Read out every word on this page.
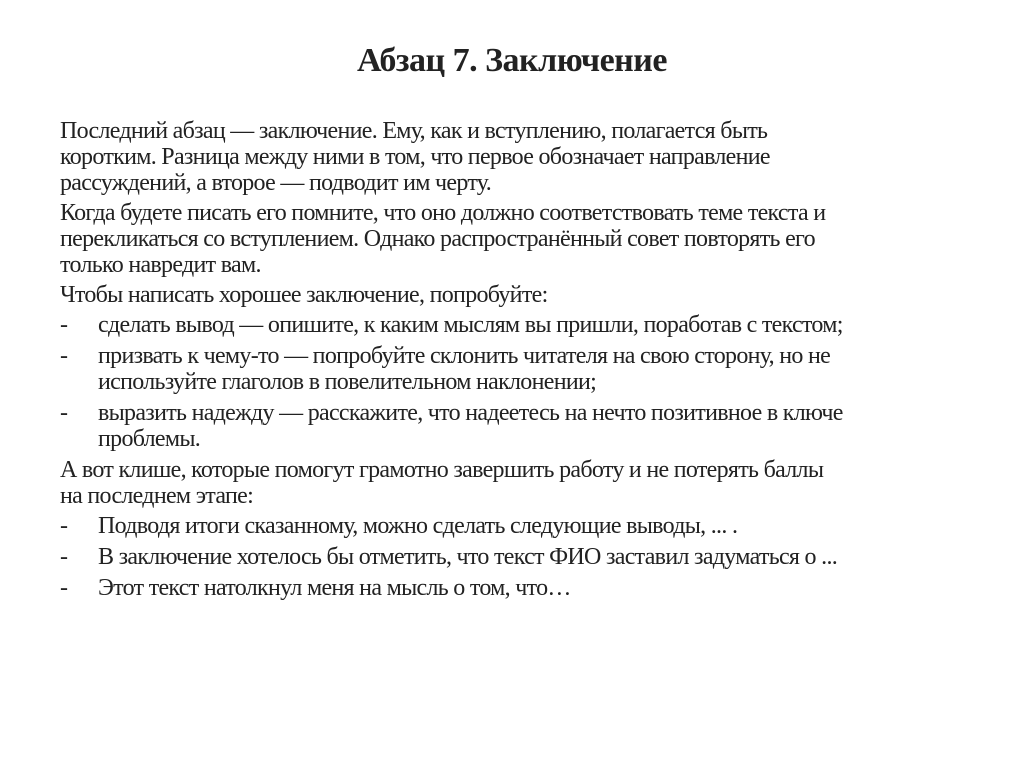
Абзац 7. Заключение
Последний абзац — заключение. Ему, как и вступлению, полагается быть
коротким. Разница между ними в том, что первое обозначает направление
рассуждений, а второе — подводит им черту.
Когда будете писать его помните, что оно должно соответствовать теме текста и
перекликаться со вступлением. Однако распространённый совет повторять его
только навредит вам.
Чтобы написать хорошее заключение, попробуйте:
- сделать вывод — опишите, к каким мыслям вы пришли, поработав с текстом;
- призвать к чему-то — попробуйте склонить читателя на свою сторону, но не
используйте глаголов в повелительном наклонении;
- выразить надежду — расскажите, что надеетесь на нечто позитивное в ключе
проблемы.
А вот клише, которые помогут грамотно завершить работу и не потерять баллы
на последнем этапе:
- Подводя итоги сказанному, можно сделать следующие выводы, ... .
- В заключение хотелось бы отметить, что текст ФИО заставил задуматься о ...
- Этот текст натолкнул меня на мысль о том, что…
